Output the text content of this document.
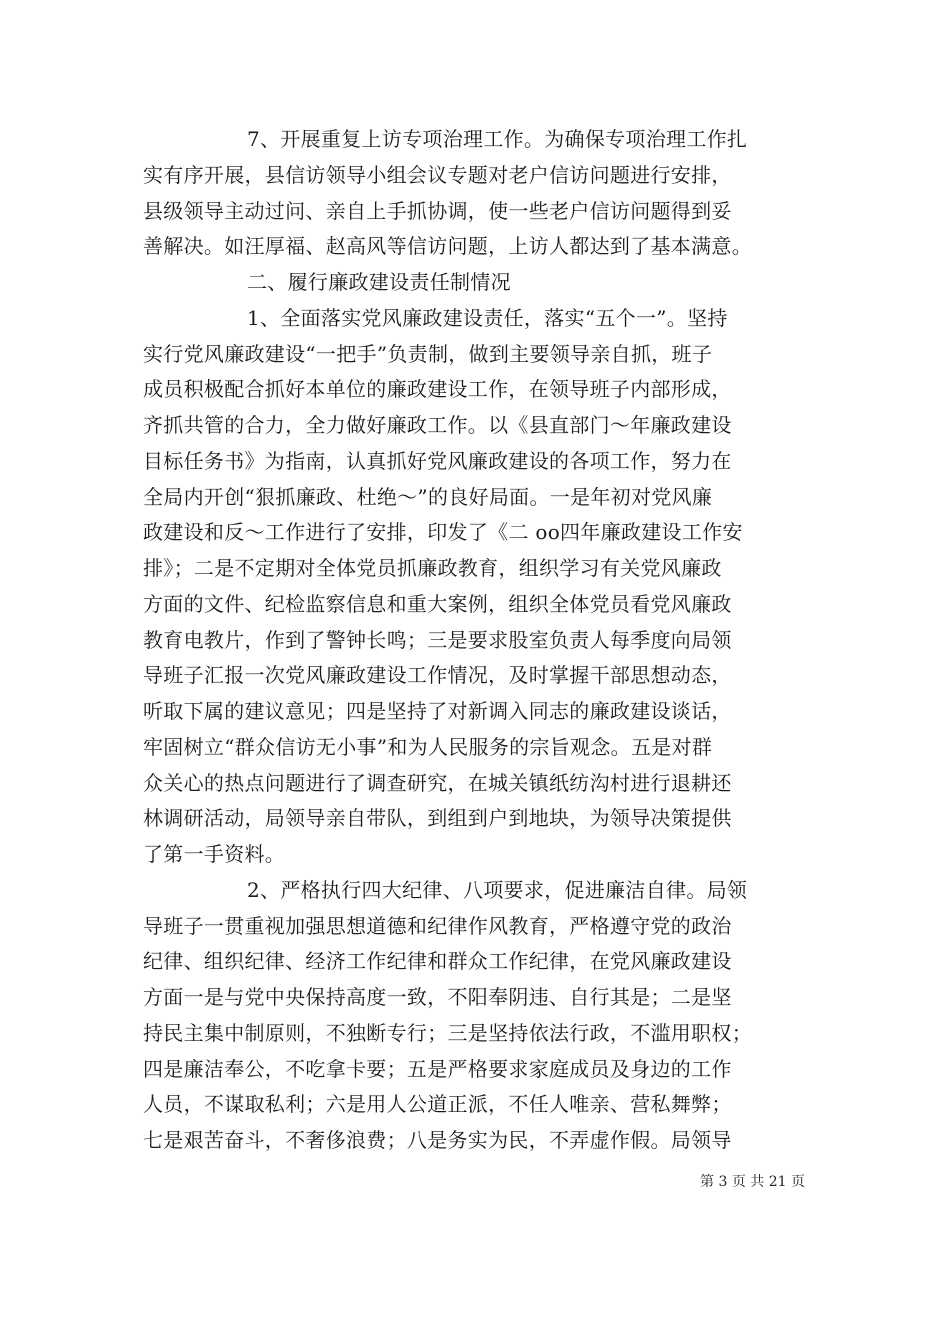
7、开展重复上访专项治理工作。为确保专项治理工作扎
实有序开展，县信访领导小组会议专题对老户信访问题进行安排，
县级领导主动过问、亲自上手抓协调，使一些老户信访问题得到妥
善解决。如汪厚福、赵高风等信访问题，上访人都达到了基本满意。
二、履行廉政建设责任制情况
1、全面落实党风廉政建设责任，落实“五个一”。坚持
实行党风廉政建设“一把手”负责制，做到主要领导亲自抓，班子
成员积极配合抓好本单位的廉政建设工作，在领导班子内部形成，
齐抓共管的合力，全力做好廉政工作。以《县直部门～年廉政建设
目标任务书》为指南，认真抓好党风廉政建设的各项工作，努力在
全局内开创“狠抓廉政、杜绝～”的良好局面。一是年初对党风廉
政建设和反～工作进行了安排，印发了《二 oo四年廉政建设工作安
排》；二是不定期对全体党员抓廉政教育，组织学习有关党风廉政
方面的文件、纪检监察信息和重大案例，组织全体党员看党风廉政
教育电教片，作到了警钟长鸣；三是要求股室负责人每季度向局领
导班子汇报一次党风廉政建设工作情况，及时掌握干部思想动态，
听取下属的建议意见；四是坚持了对新调入同志的廉政建设谈话，
牢固树立“群众信访无小事”和为人民服务的宗旨观念。五是对群
众关心的热点问题进行了调查研究，在城关镇纸纺沟村进行退耕还
林调研活动，局领导亲自带队，到组到户到地块，为领导决策提供
了第一手资料。
2、严格执行四大纪律、八项要求，促进廉洁自律。局领
导班子一贯重视加强思想道德和纪律作风教育，严格遵守党的政治
纪律、组织纪律、经济工作纪律和群众工作纪律，在党风廉政建设
方面一是与党中央保持高度一致，不阳奉阴违、自行其是；二是坚
持民主集中制原则，不独断专行；三是坚持依法行政，不滥用职权；
四是廉洁奉公，不吃拿卡要；五是严格要求家庭成员及身边的工作
人员，不谋取私利；六是用人公道正派，不任人唯亲、营私舞弊；
七是艰苦奋斗，不奢侈浪费；八是务实为民，不弄虚作假。局领导
第 3 页 共 21 页
